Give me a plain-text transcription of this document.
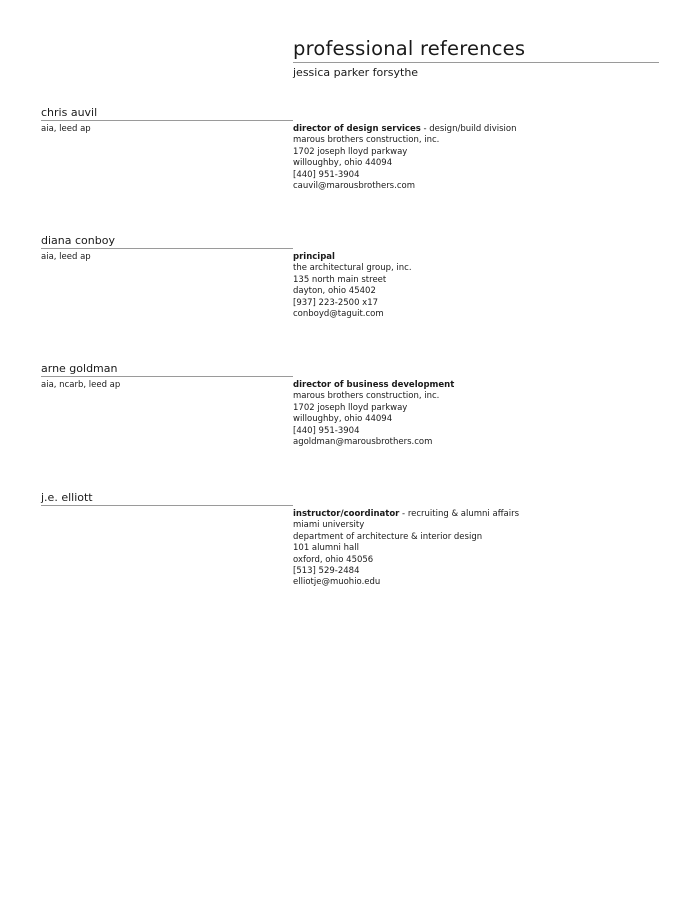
professional references
jessica parker forsythe
chris auvil
aia, leed ap	director of design services - design/build division
marous brothers construction, inc.
1702 joseph lloyd parkway
willoughby, ohio 44094
[440] 951-3904
cauvil@marousbrothers.com
diana conboy
aia, leed ap	principal
the architectural group, inc.
135 north main street
dayton, ohio 45402
[937] 223-2500 x17
conboyd@taguit.com
arne goldman
aia, ncarb, leed ap	director of business development
marous brothers construction, inc.
1702 joseph lloyd parkway
willoughby, ohio 44094
[440] 951-3904
agoldman@marousbrothers.com
j.e. elliott
instructor/coordinator - recruiting & alumni affairs
miami university
department of architecture & interior design
101 alumni hall
oxford, ohio 45056
[513] 529-2484
elliotje@muohio.edu
